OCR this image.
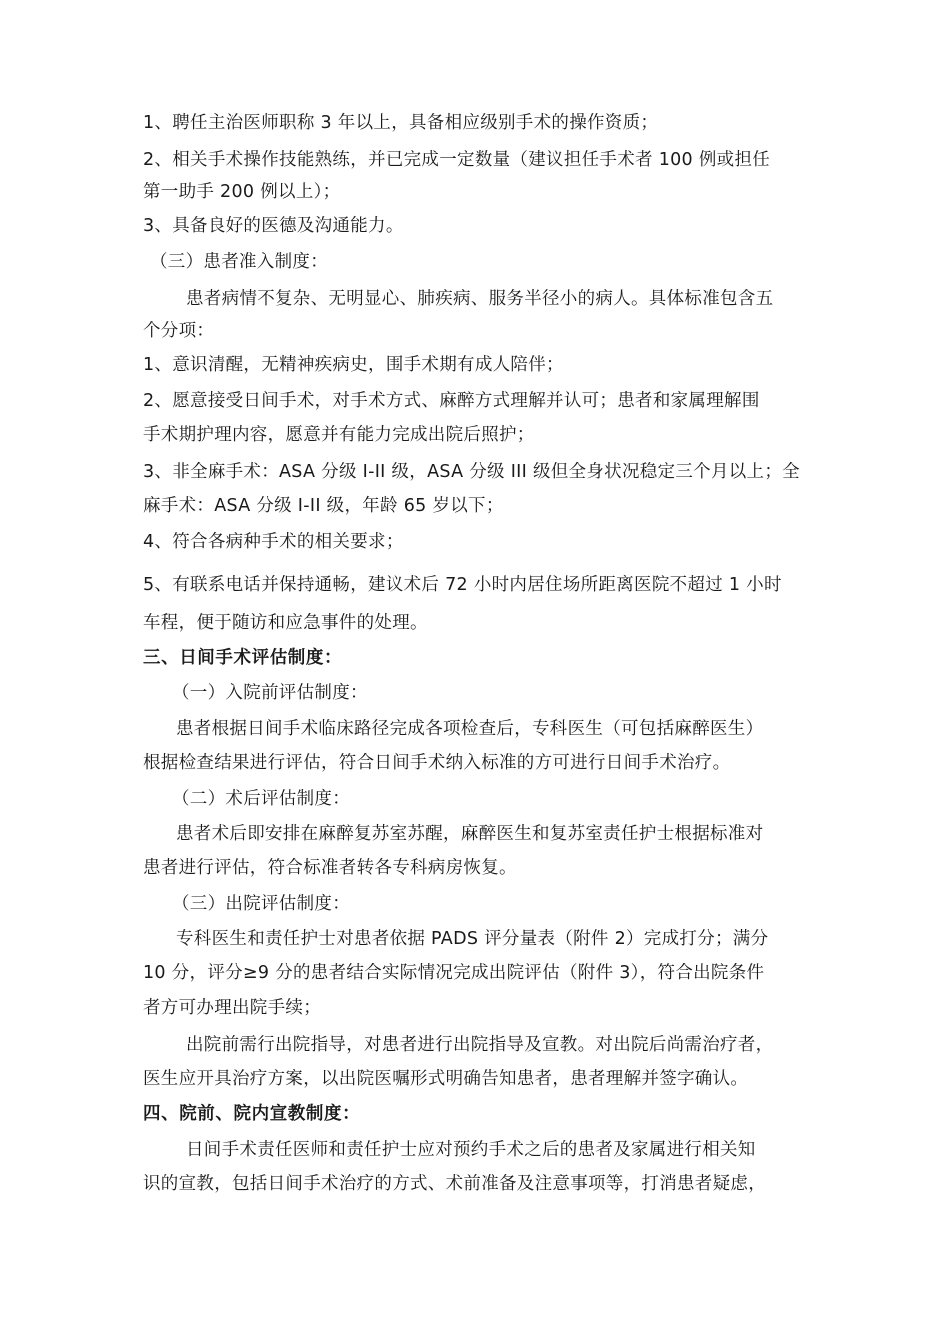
1、聘任主治医师职称 3 年以上，具备相应级别手术的操作资质；
2、相关手术操作技能熟练，并已完成一定数量（建议担任手术者 100 例或担任
第一助手 200 例以上）；
3、具备良好的医德及沟通能力。
（三）患者准入制度：
患者病情不复杂、无明显心、肺疾病、服务半径小的病人。具体标准包含五
个分项：
1、意识清醒，无精神疾病史，围手术期有成人陪伴；
2、愿意接受日间手术，对手术方式、麻醉方式理解并认可；患者和家属理解围
手术期护理内容，愿意并有能力完成出院后照护；
3、非全麻手术：ASA 分级 I-II 级，ASA 分级 III 级但全身状况稳定三个月以上；全
麻手术：ASA 分级 I-II 级，年龄 65 岁以下；
4、符合各病种手术的相关要求；
5、有联系电话并保持通畅，建议术后 72 小时内居住场所距离医院不超过 1 小时
车程，便于随访和应急事件的处理。
三、日间手术评估制度：
（一）入院前评估制度：
患者根据日间手术临床路径完成各项检查后，专科医生（可包括麻醉医生）
根据检查结果进行评估，符合日间手术纳入标准的方可进行日间手术治疗。
（二）术后评估制度：
患者术后即安排在麻醉复苏室苏醒，麻醉医生和复苏室责任护士根据标准对
患者进行评估，符合标准者转各专科病房恢复。
（三）出院评估制度：
专科医生和责任护士对患者依据 PADS 评分量表（附件 2）完成打分；满分
10 分，评分≥9 分的患者结合实际情况完成出院评估（附件 3），符合出院条件
者方可办理出院手续；
出院前需行出院指导，对患者进行出院指导及宣教。对出院后尚需治疗者，
医生应开具治疗方案，以出院医嘱形式明确告知患者，患者理解并签字确认。
四、院前、院内宣教制度：
日间手术责任医师和责任护士应对预约手术之后的患者及家属进行相关知
识的宣教，包括日间手术治疗的方式、术前准备及注意事项等，打消患者疑虑，
